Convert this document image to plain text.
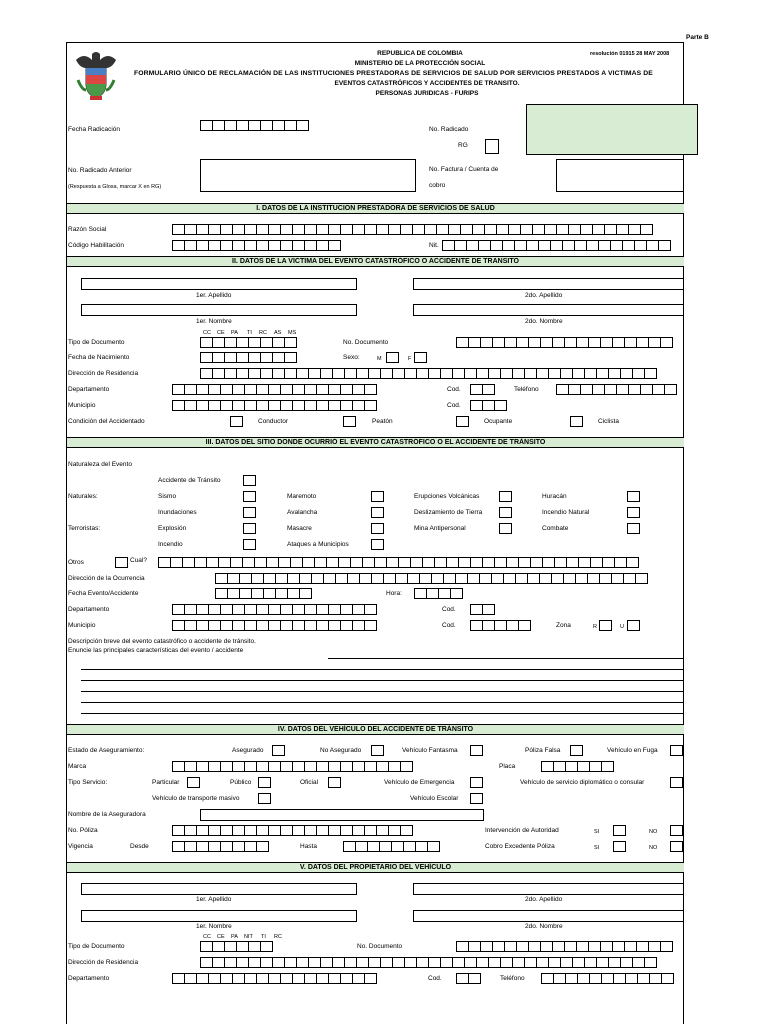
Parte B
REPUBLICA DE COLOMBIA	resolución 01915 28 MAY 2008
MINISTERIO DE LA PROTECCIÓN SOCIAL
FORMULARIO ÚNICO DE RECLAMACIÓN DE LAS INSTITUCIONES PRESTADORAS DE SERVICIOS DE SALUD POR SERVICIOS PRESTADOS A VICTIMAS DE
EVENTOS CATASTRÓFICOS Y ACCIDENTES DE TRANSITO.
PERSONAS JURIDICAS - FURIPS
Fecha Radicación	No. Radicado
RG
No. Radicado Anterior
(Respuesta a Glosa, marcar X en RG)
No. Factura / Cuenta de
cobro
I. DATOS DE LA INSTITUCION PRESTADORA DE SERVICIOS DE SALUD
Razón Social
Código Habilitación	Nit.
II. DATOS DE LA VICTIMA DEL EVENTO CATASTRÓFICO O ACCIDENTE DE TRANSITO
1er. Apellido	2do. Apellido
1er. Nombre	2do. Nombre
CC CE PA TI RC AS MS
Tipo de Documento	No. Documento
Fecha de Nacimiento	Sexo:	M	F
Dirección de Residencia
Departamento	Cod.	Teléfono
Municipio	Cod.
Condición del Accidentado	Conductor	Peatón	Ocupante	Ciclista
III. DATOS DEL SITIO DONDE OCURRIÓ EL EVENTO CATASTRÓFICO O EL ACCIDENTE DE TRÁNSITO
Naturaleza del Evento
Accidente de Tránsito
Naturales:	Sismo	Maremoto	Erupciones Volcánicas	Huracán
Inundaciones	Avalancha	Deslizamiento de Tierra	Incendio Natural
Terroristas:	Explosión	Masacre	Mina Antipersonal	Combate
Incendio	Ataques a Municipios
Otros	Cual?
Dirección de la Ocurrencia
Fecha Evento/Accidente	Hora:
Departamento	Cod.
Municipio	Cod.	Zona	R	U
Descripción breve del evento catastrófico o accidente de tránsito.
Enuncie las principales características del evento / accidente
IV. DATOS DEL VEHÍCULO DEL ACCIDENTE DE TRÁNSITO
Estado de Aseguramiento:	Asegurado	No Asegurado	Vehículo Fantasma	Póliza Falsa	Vehículo en Fuga
Marca	Placa
Tipo Servicio:	Particular	Público	Oficial	Vehículo de Emergencia	Vehículo de servicio diplomático o consular
Vehículo de transporte masivo	Vehículo Escolar
Nombre de la Aseguradora
No. Póliza	Intervención de Autoridad	SI	NO
Vigencia	Desde	Hasta	Cobro Excedente Póliza	SI	NO
V. DATOS DEL PROPIETARIO DEL VEHÍCULO
1er. Apellido	2do. Apellido
1er. Nombre	2do. Nombre
CC CE PA NIT TI RC
Tipo de Documento	No. Documento
Dirección de Residencia
Departamento	Cod.	Teléfono
